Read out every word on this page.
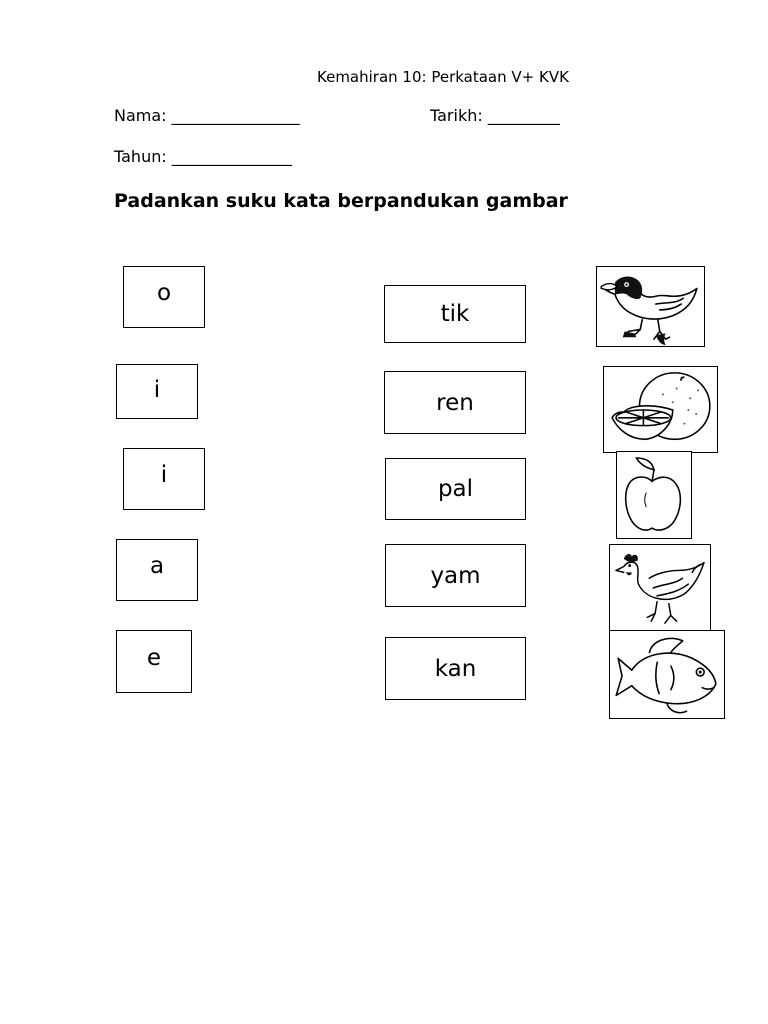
Kemahiran 10: Perkataan V+ KVK
Nama: ________________	Tarikh: _________
Tahun: _______________
Padankan suku kata berpandukan gambar
o
i
i
a
e
tik
ren
pal
yam
kan
